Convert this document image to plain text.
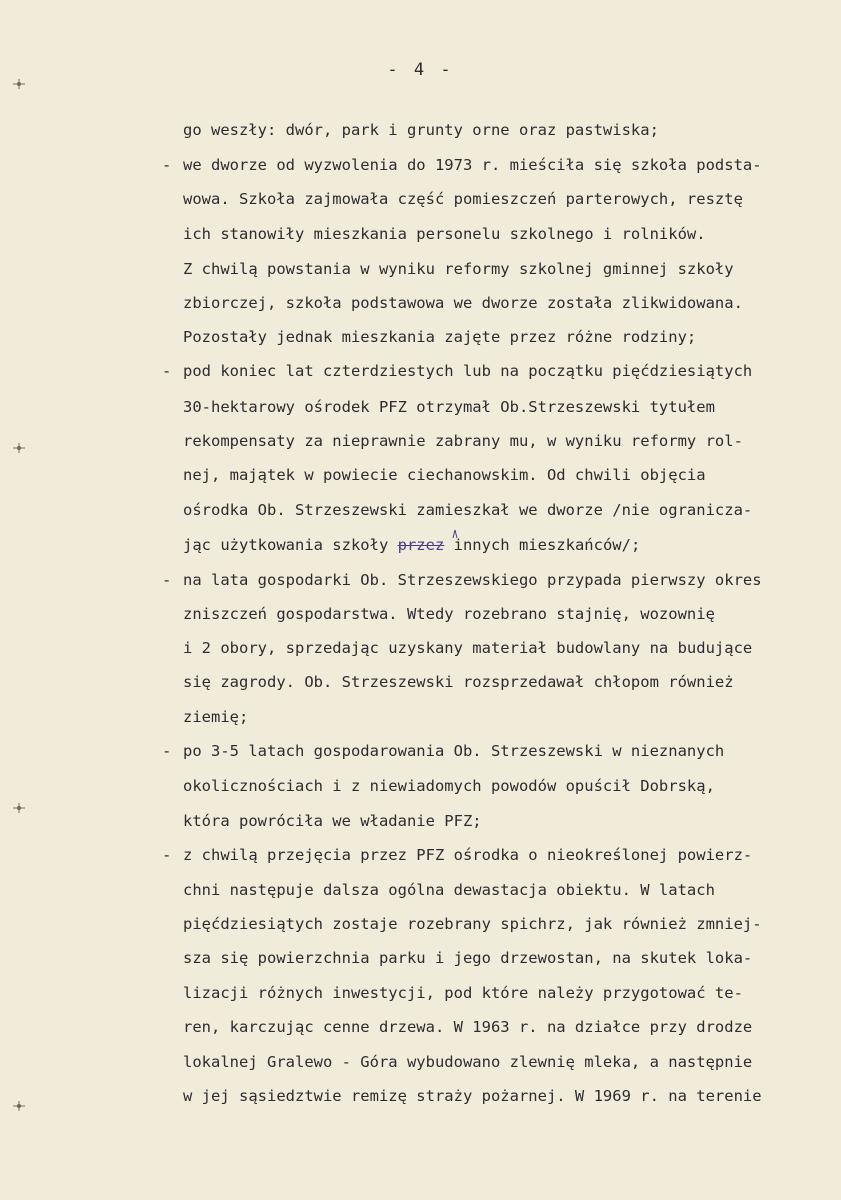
- 4 -
go weszły: dwór, park i grunty orne oraz pastwiska;
- we dworze od wyzwolenia do 1973 r. mieściła się szkoła podsta-
wowa. Szkoła zajmowała część pomieszczeń parterowych, resztę
ich stanowiły mieszkania personelu szkolnego i rolników.
Z chwilą powstania w wyniku reformy szkolnej gminnej szkoły
zbiorczej, szkoła podstawowa we dworze została zlikwidowana.
Pozostały jednak mieszkania zajęte przez różne rodziny;
- pod koniec lat czterdziestych lub na początku pięćdziesiątych
30-hektarowy ośrodek PFZ otrzymał Ob.Strzeszewski tytułem
rekompensaty za nieprawnie zabrany mu, w wyniku reformy rol-
nej, majątek w powiecie ciechanowskim. Od chwili objęcia
ośrodka Ob. Strzeszewski zamieszkał we dworze /nie ogranicza-
jąc użytkowania szkoły przez innych mieszkańców/;
- na lata gospodarki Ob. Strzeszewskiego przypada pierwszy okres
zniszczeń gospodarstwa. Wtedy rozebrano stajnię, wozownię
i 2 obory, sprzedając uzyskany materiał budowlany na budujące
się zagrody. Ob. Strzeszewski rozsprzedawał chłopom również
ziemię;
- po 3-5 latach gospodarowania Ob. Strzeszewski w nieznanych
okolicznościach i z niewiadomych powodów opuścił Dobrską,
która powróciła we władanie PFZ;
- z chwilą przejęcia przez PFZ ośrodka o nieokreślonej powierz-
chni następuje dalsza ogólna dewastacja obiektu. W latach
pięćdziesiątych zostaje rozebrany spichrz, jak również zmniej-
sza się powierzchnia parku i jego drzewostan, na skutek loka-
lizacji różnych inwestycji, pod które należy przygotować te-
ren, karczując cenne drzewa. W 1963 r. na działce przy drodze
lokalnej Gralewo - Góra wybudowano zlewnię mleka, a następnie
w jej sąsiedztwie remizę straży pożarnej. W 1969 r. na terenie
